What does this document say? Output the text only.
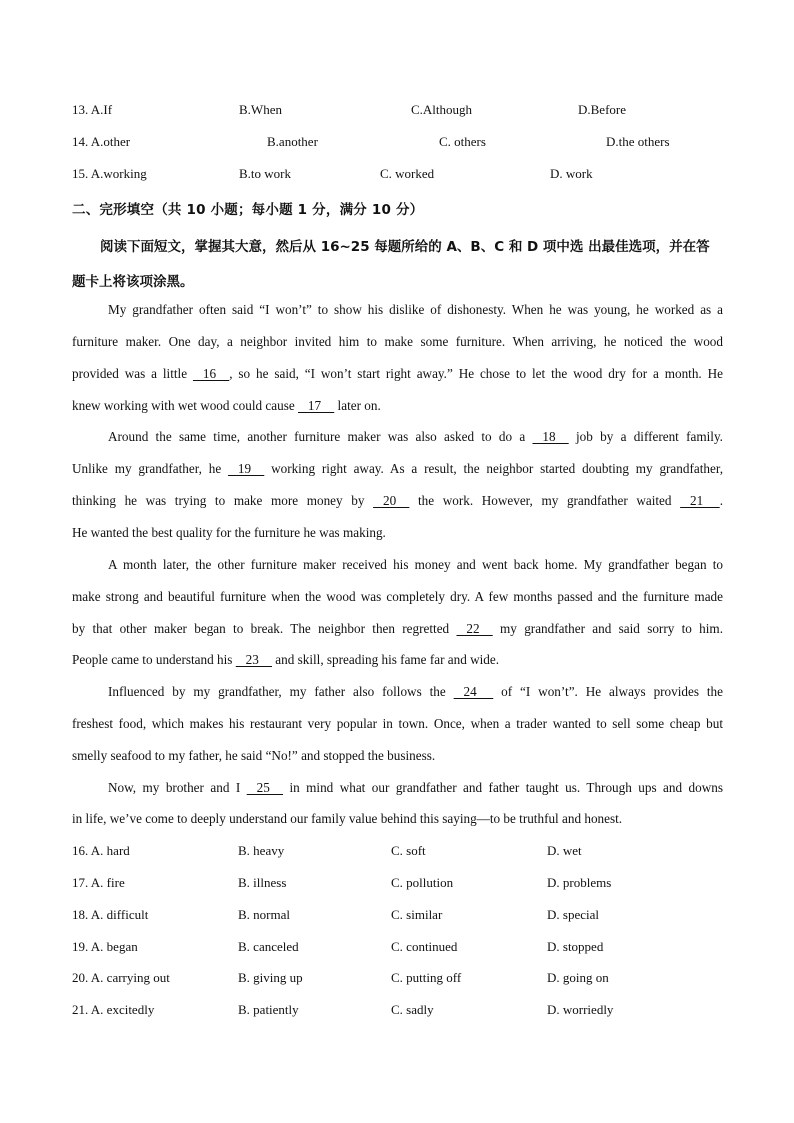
13. A.If	B.When	C.Although	D.Before
14. A.other	B.another	C. others	D.the others
15. A.working	B.to work	C. worked	D. work
二、完形填空（共 10 小题；每小题 1 分，满分 10 分）
阅读下面短文，掌握其大意，然后从 16~25 每题所给的 A、B、C 和 D 项中选 出最佳选项，并在答
题卡上将该项涂黑。
My grandfather often said “I won’t” to show his dislike of dishonesty. When he was young, he worked as a
furniture maker. One day, a neighbor invited him to make some furniture. When arriving, he noticed the wood
provided was a little    16    , so he said, “I won’t start right away.” He chose to let the wood dry for a month. He
knew working with wet wood could cause    17     later on.
Around the same time, another furniture maker was also asked to do a    18     job by a different family.
Unlike my grandfather, he    19     working right away. As a result, the neighbor started doubting my grandfather,
thinking he was trying to make more money by    20     the work. However, my grandfather waited    21     .
He wanted the best quality for the furniture he was making.
A month later, the other furniture maker received his money and went back home. My grandfather began to
make strong and beautiful furniture when the wood was completely dry. A few months passed and the furniture made
by that other maker began to break. The neighbor then regretted    22     my grandfather and said sorry to him.
People came to understand his    23     and skill, spreading his fame far and wide.
Influenced by my grandfather, my father also follows the    24      of “I won’t”. He always provides the
freshest food, which makes his restaurant very popular in town. Once, when a trader wanted to sell some cheap but
smelly seafood to my father, he said “No!” and stopped the business.
Now, my brother and I    25     in mind what our grandfather and father taught us. Through ups and downs
in life, we’ve come to deeply understand our family value behind this saying—to be truthful and honest.
16. A. hard	B. heavy	C. soft	D. wet
17. A. fire	B. illness	C. pollution	D. problems
18. A. difficult	B. normal	C. similar	D. special
19. A. began	B. canceled	C. continued	D. stopped
20. A. carrying out	B. giving up	C. putting off	D. going on
21. A. excitedly	B. patiently	C. sadly	D. worriedly
